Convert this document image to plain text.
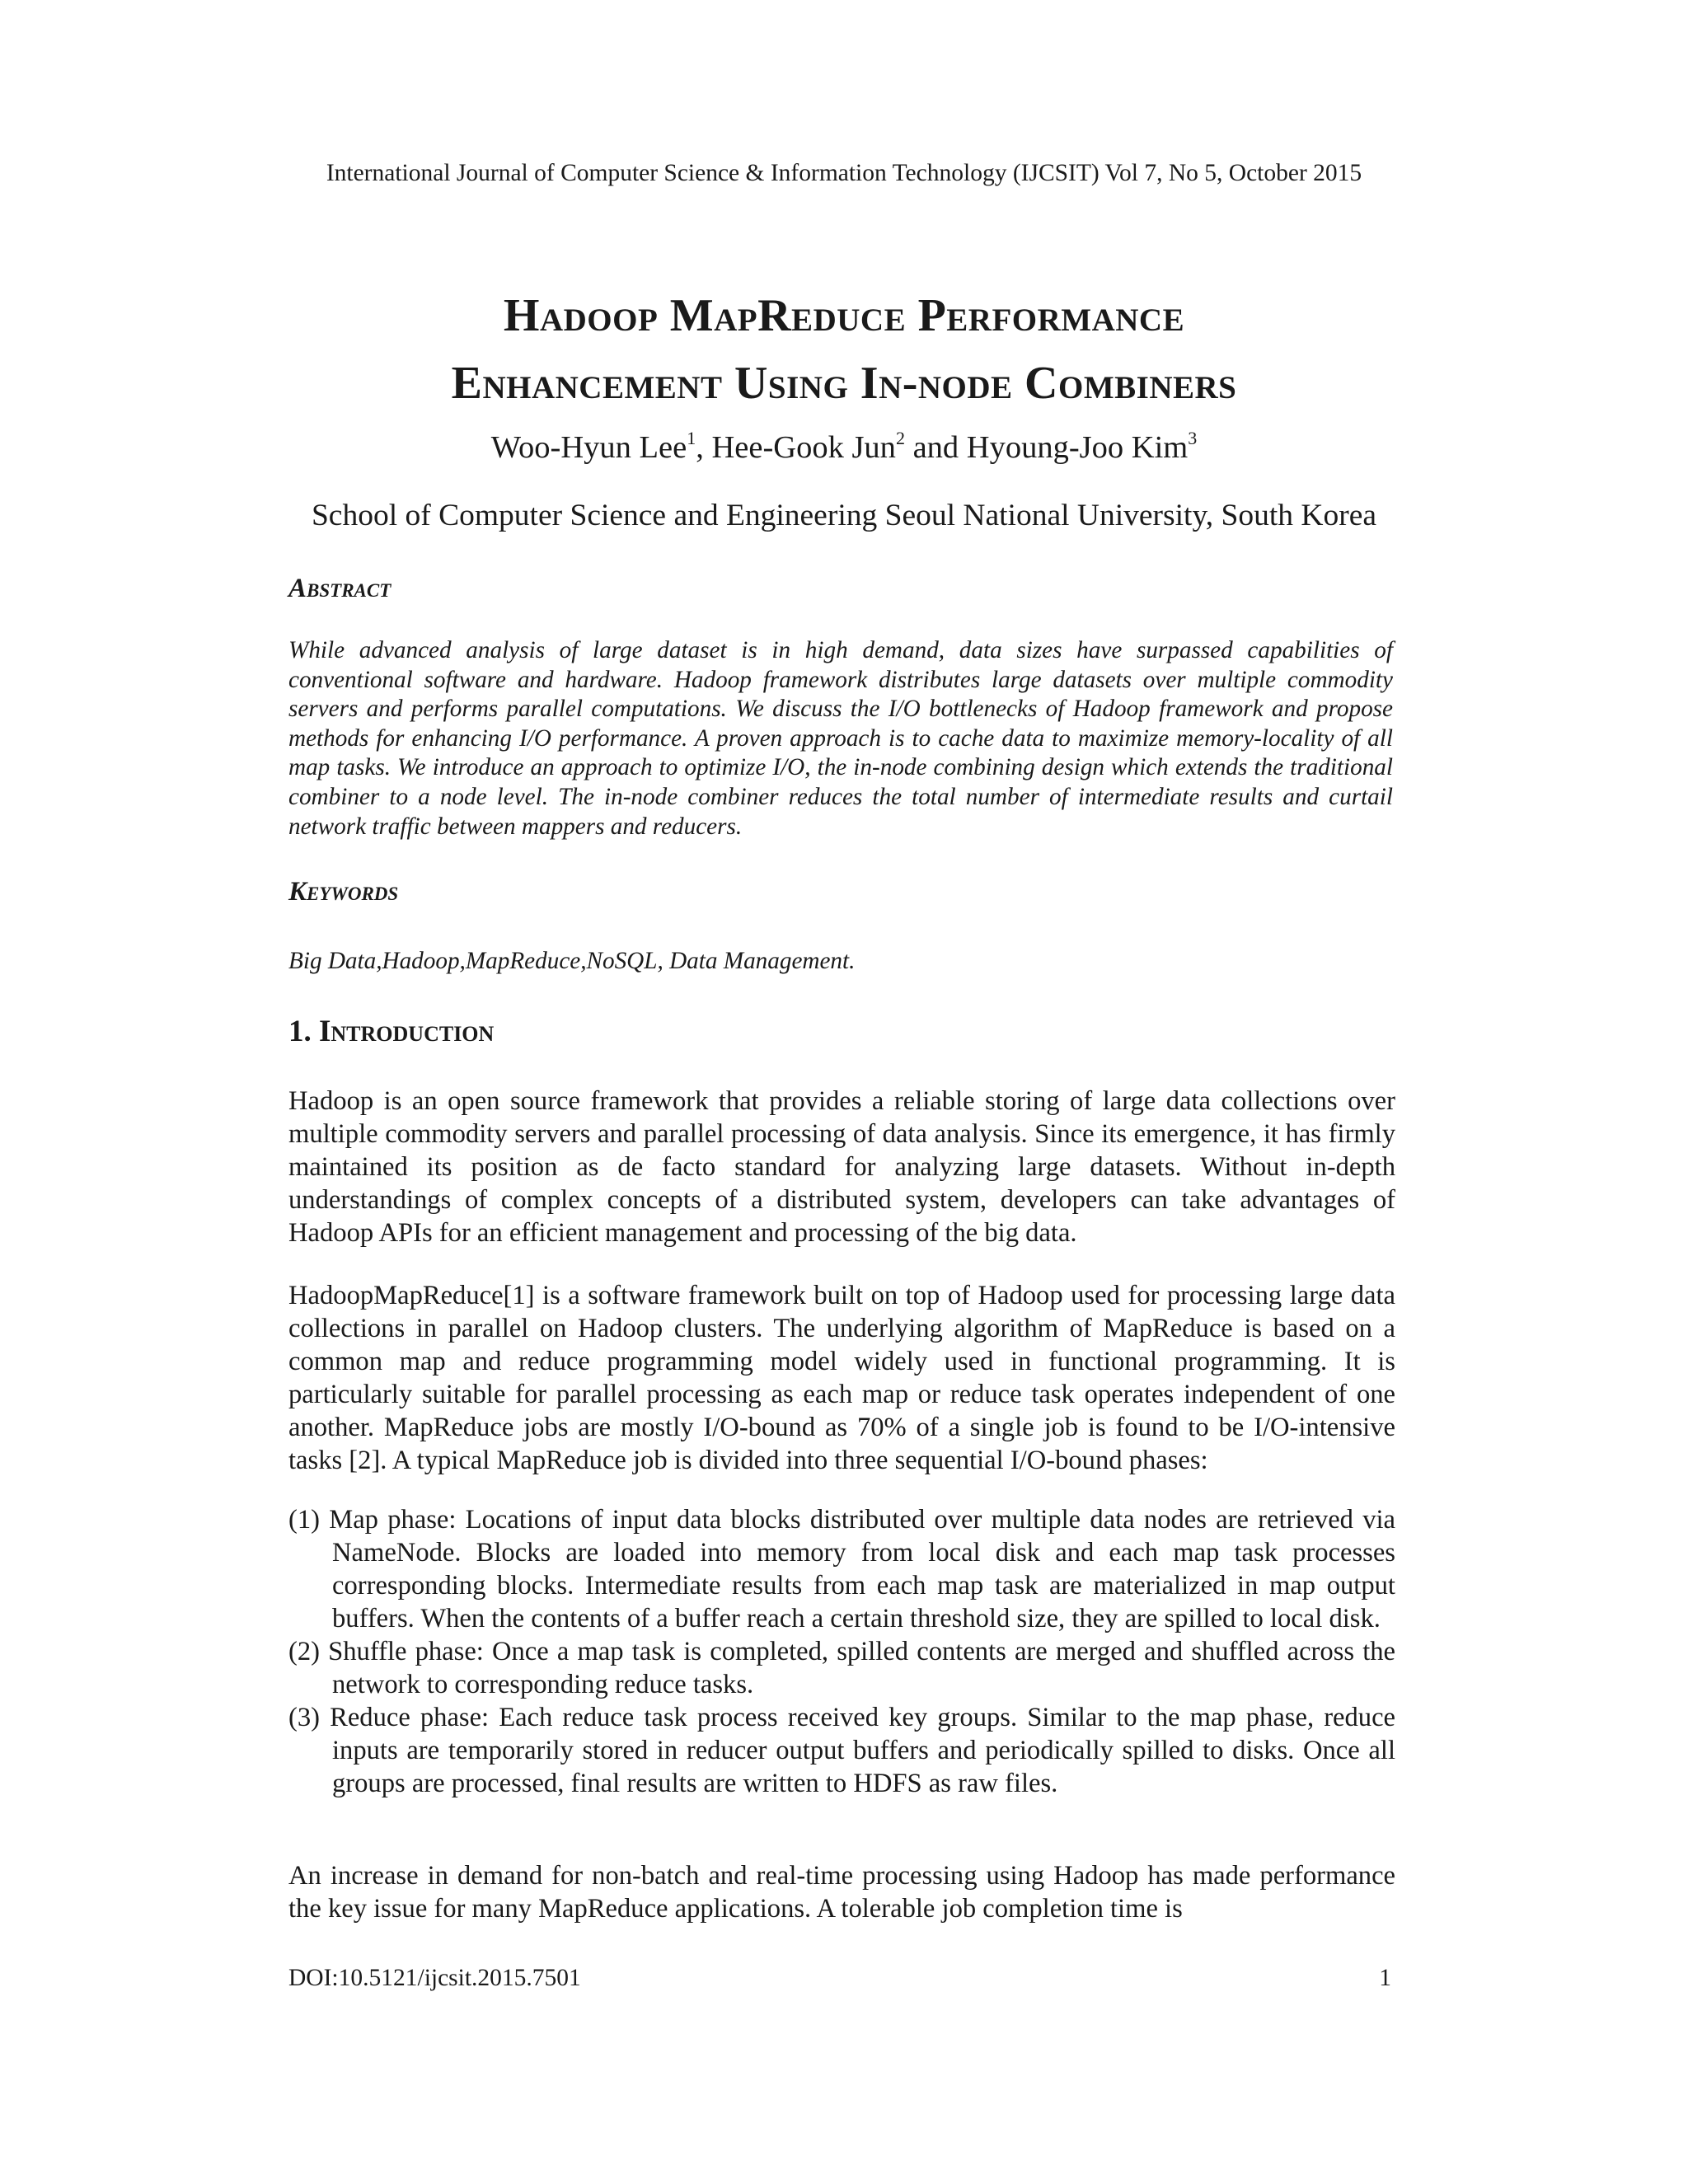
International Journal of Computer Science & Information Technology (IJCSIT) Vol 7, No 5, October 2015
Hadoop MapReduce Performance
Enhancement Using In-node Combiners
Woo-Hyun Lee$^1$, Hee-Gook Jun$^2$ and Hyoung-Joo Kim$^3$
School of Computer Science and Engineering Seoul National University, South Korea
Abstract
While advanced analysis of large dataset is in high demand, data sizes have surpassed capabilities of conventional software and hardware. Hadoop framework distributes large datasets over multiple commodity servers and performs parallel computations. We discuss the I/O bottlenecks of Hadoop framework and propose methods for enhancing I/O performance. A proven approach is to cache data to maximize memory-locality of all map tasks. We introduce an approach to optimize I/O, the in-node combining design which extends the traditional combiner to a node level. The in-node combiner reduces the total number of intermediate results and curtail network traffic between mappers and reducers.
Keywords
Big Data,Hadoop,MapReduce,NoSQL, Data Management.
1. Introduction

Hadoop is an open source framework that provides a reliable storing of large data collections over multiple commodity servers and parallel processing of data analysis. Since its emergence, it has firmly maintained its position as de facto standard for analyzing large datasets. Without in-depth understandings of complex concepts of a distributed system, developers can take advantages of Hadoop APIs for an efficient management and processing of the big data.

HadoopMapReduce[1] is a software framework built on top of Hadoop used for processing large data collections in parallel on Hadoop clusters. The underlying algorithm of MapReduce is based on a common map and reduce programming model widely used in functional programming. It is particularly suitable for parallel processing as each map or reduce task operates independent of one another. MapReduce jobs are mostly I/O-bound as 70% of a single job is found to be I/O-intensive tasks [2]. A typical MapReduce job is divided into three sequential I/O-bound phases:

(1) Map phase: Locations of input data blocks distributed over multiple data nodes are retrieved via NameNode. Blocks are loaded into memory from local disk and each map task processes corresponding blocks. Intermediate results from each map task are materialized in map output buffers. When the contents of a buffer reach a certain threshold size, they are spilled to local disk.
(2) Shuffle phase: Once a map task is completed, spilled contents are merged and shuffled across the network to corresponding reduce tasks.
(3) Reduce phase: Each reduce task process received key groups. Similar to the map phase, reduce inputs are temporarily stored in reducer output buffers and periodically spilled to disks. Once all groups are processed, final results are written to HDFS as raw files.

An increase in demand for non-batch and real-time processing using Hadoop has made performance the key issue for many MapReduce applications. A tolerable job completion time is

DOI:10.5121/ijcsit.2015.7501	1
